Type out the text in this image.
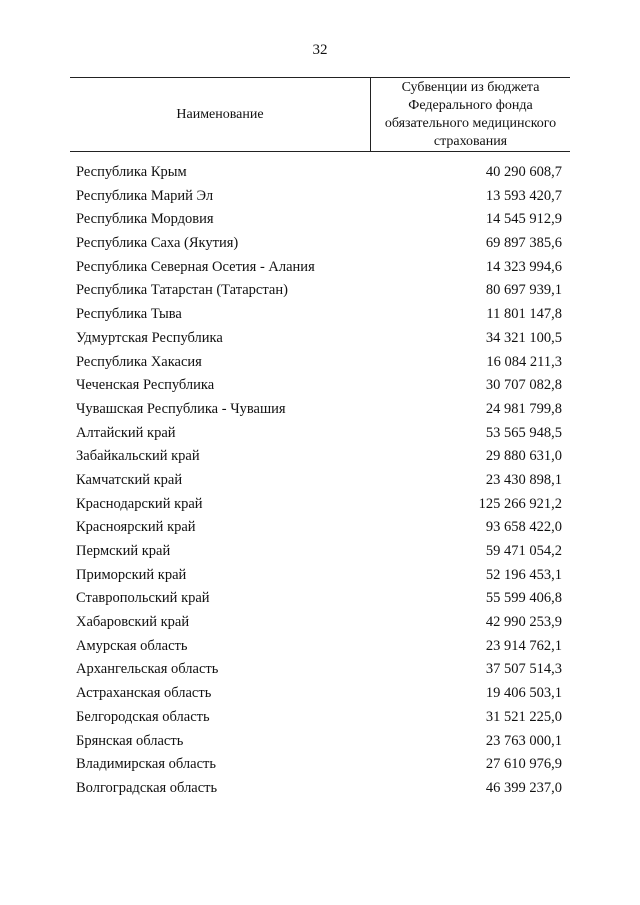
32
Наименование
Субвенции из бюджета Федерального фонда обязательного медицинского страхования
Республика Крым	40 290 608,7
Республика Марий Эл	13 593 420,7
Республика Мордовия	14 545 912,9
Республика Саха (Якутия)	69 897 385,6
Республика Северная Осетия - Алания	14 323 994,6
Республика Татарстан (Татарстан)	80 697 939,1
Республика Тыва	11 801 147,8
Удмуртская Республика	34 321 100,5
Республика Хакасия	16 084 211,3
Чеченская Республика	30 707 082,8
Чувашская Республика - Чувашия	24 981 799,8
Алтайский край	53 565 948,5
Забайкальский край	29 880 631,0
Камчатский край	23 430 898,1
Краснодарский край	125 266 921,2
Красноярский край	93 658 422,0
Пермский край	59 471 054,2
Приморский край	52 196 453,1
Ставропольский край	55 599 406,8
Хабаровский край	42 990 253,9
Амурская область	23 914 762,1
Архангельская область	37 507 514,3
Астраханская область	19 406 503,1
Белгородская область	31 521 225,0
Брянская область	23 763 000,1
Владимирская область	27 610 976,9
Волгоградская область	46 399 237,0
